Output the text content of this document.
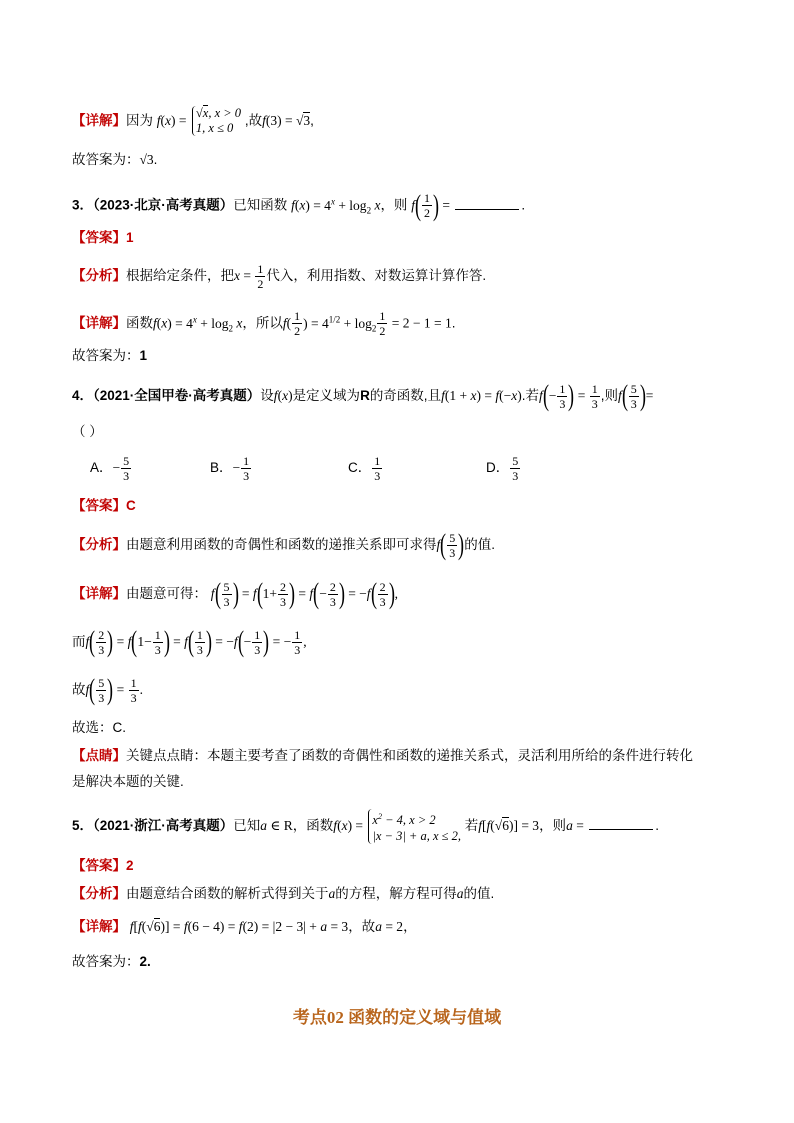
【详解】因为 f(x) = √x, x > 0
1, x ≤ 0 ,故f(3) = √3,
故答案为：√3.
3．（2023·北京·高考真题）已知函数 $f(x) = 4^x + \log_2 x$，则 $f( \frac{1}{2}$ ) =	.
【答案】1
【分析】根据给定条件，把$x = \frac{1}{2}$ 代入，利用指数、对数运算计算作答.
【详解】函数$f(x) = 4^x + \log_2 x$，所以$f( \frac{1}{2}$ ) = $4^{1/2} + \log_2 \frac{1}{2} = 2 - 1 = 1$.
故答案为：1
4．（2021·全国甲卷·高考真题）设f(x)是定义域为R的奇函数,且f(1 + x) = f(−x).若$f(- \frac{1}{3}$ ) = $\frac{1}{3}$ ,则$f( \frac{5}{3}$ )=
（ ）
A．− $\frac{5}{3}$	B．− $\frac{1}{3}$	C． $\frac{1}{3}$	D． $\frac{5}{3}$
【答案】C
【分析】由题意利用函数的奇偶性和函数的递推关系即可求得$f( \frac{5}{3}$ )的值.
【详解】由题意可得： $f( \frac{5}{3}$ ) = $f(1+ \frac{2}{3}$ ) = $f(- \frac{2}{3}$ ) = $-f( \frac{2}{3}$ ),
而$f( \frac{2}{3}$ ) = $f(1- \frac{1}{3}$ ) = $f( \frac{1}{3}$ ) = $-f(- \frac{1}{3}$ ) = − $\frac{1}{3}$ ,
故$f( \frac{5}{3}$ ) = $\frac{1}{3}$ .
故选：C.
【点睛】关键点点睛：本题主要考查了函数的奇偶性和函数的递推关系式，灵活利用所给的条件进行转化
是解决本题的关键.
5．（2021·浙江·高考真题）已知a ∈ R，函数$f(x) = x^2 - 4$, x > 2
|x − 3| + a, x ≤ 2, 若f[f(√6)] = 3，则a =	.
【答案】2
【分析】由题意结合函数的解析式得到关于a的方程，解方程可得a的值.
【详解】 f[f(√6)] = f(6 − 4) = f(2) = |2 − 3| + a = 3，故a = 2，
故答案为：2.
考点02 函数的定义域与值域
